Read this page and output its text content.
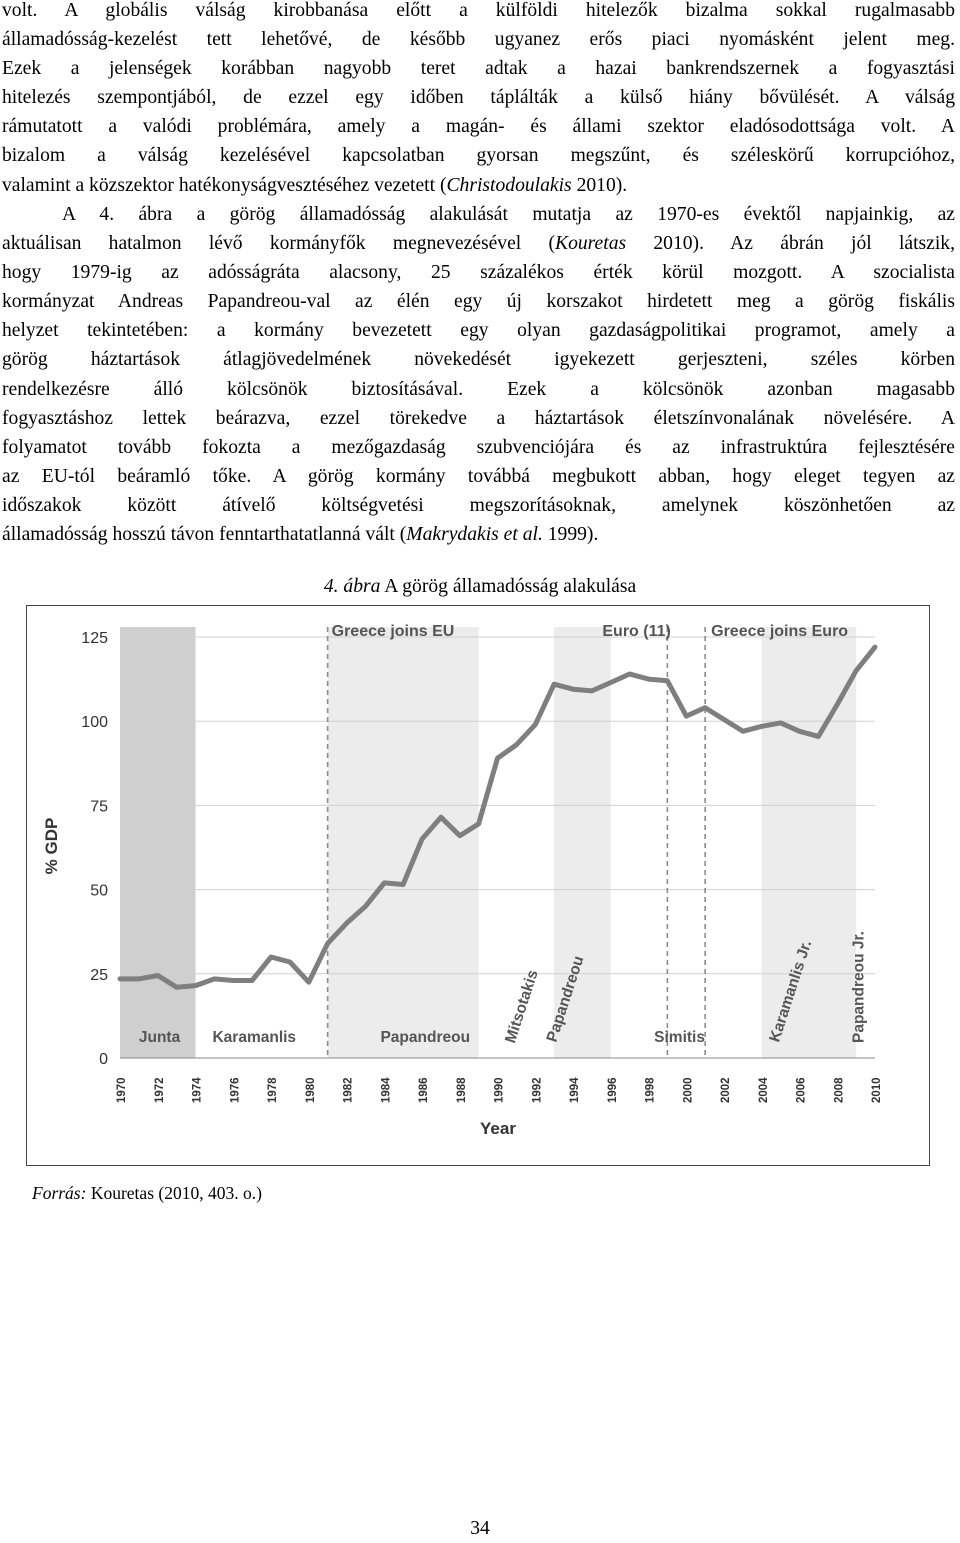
volt. A globális válság kirobbanása előtt a külföldi hitelezők bizalma sokkal rugalmasabb
államadósság-kezelést tett lehetővé, de később ugyanez erős piaci nyomásként jelent meg.
Ezek a jelenségek korábban nagyobb teret adtak a hazai bankrendszernek a fogyasztási
hitelezés szempontjából, de ezzel egy időben táplálták a külső hiány bővülését. A válság
rámutatott a valódi problémára, amely a magán- és állami szektor eladósodottsága volt. A
bizalom a válság kezelésével kapcsolatban gyorsan megszűnt, és széleskörű korrupcióhoz,
valamint a közszektor hatékonyságvesztéséhez vezetett (Christodoulakis 2010).
A 4. ábra a görög államadósság alakulását mutatja az 1970-es évektől napjainkig, az
aktuálisan hatalmon lévő kormányfők megnevezésével (Kouretas 2010). Az ábrán jól látszik,
hogy 1979-ig az adósságráta alacsony, 25 százalékos érték körül mozgott. A szocialista
kormányzat Andreas Papandreou-val az élén egy új korszakot hirdetett meg a görög fiskális
helyzet tekintetében: a kormány bevezetett egy olyan gazdaságpolitikai programot, amely a
görög háztartások átlagjövedelmének növekedését igyekezett gerjeszteni, széles körben
rendelkezésre álló kölcsönök biztosításával. Ezek a kölcsönök azonban magasabb
fogyasztáshoz lettek beárazva, ezzel törekedve a háztartások életszínvonalának növelésére. A
folyamatot tovább fokozta a mezőgazdaság szubvenciójára és az infrastruktúra fejlesztésére
az EU-tól beáramló tőke. A görög kormány továbbá megbukott abban, hogy eleget tegyen az
időszakok között átívelő költségvetési megszorításoknak, amelynek köszönhetően az
államadósság hosszú távon fenntarthatatlanná vált (Makrydakis et al. 1999).
4. ábra A görög államadósság alakulása
0
25
50
75
100
125	Greece joins EU	Euro (11)	Greece joins Euro
Junta Karamanlis	Papandreou Mitsotakis Papandreou	Simitis	Karamanlis Jr. Papandreou Jr.
1970 1972 1974 1976 1978 1980 1982 1984 1986 1988 1990 1992 1994 1996 1998 2000 2002 2004 2006 2008 2010
Year
% GDP
Forrás: Kouretas (2010, 403. o.)
34
